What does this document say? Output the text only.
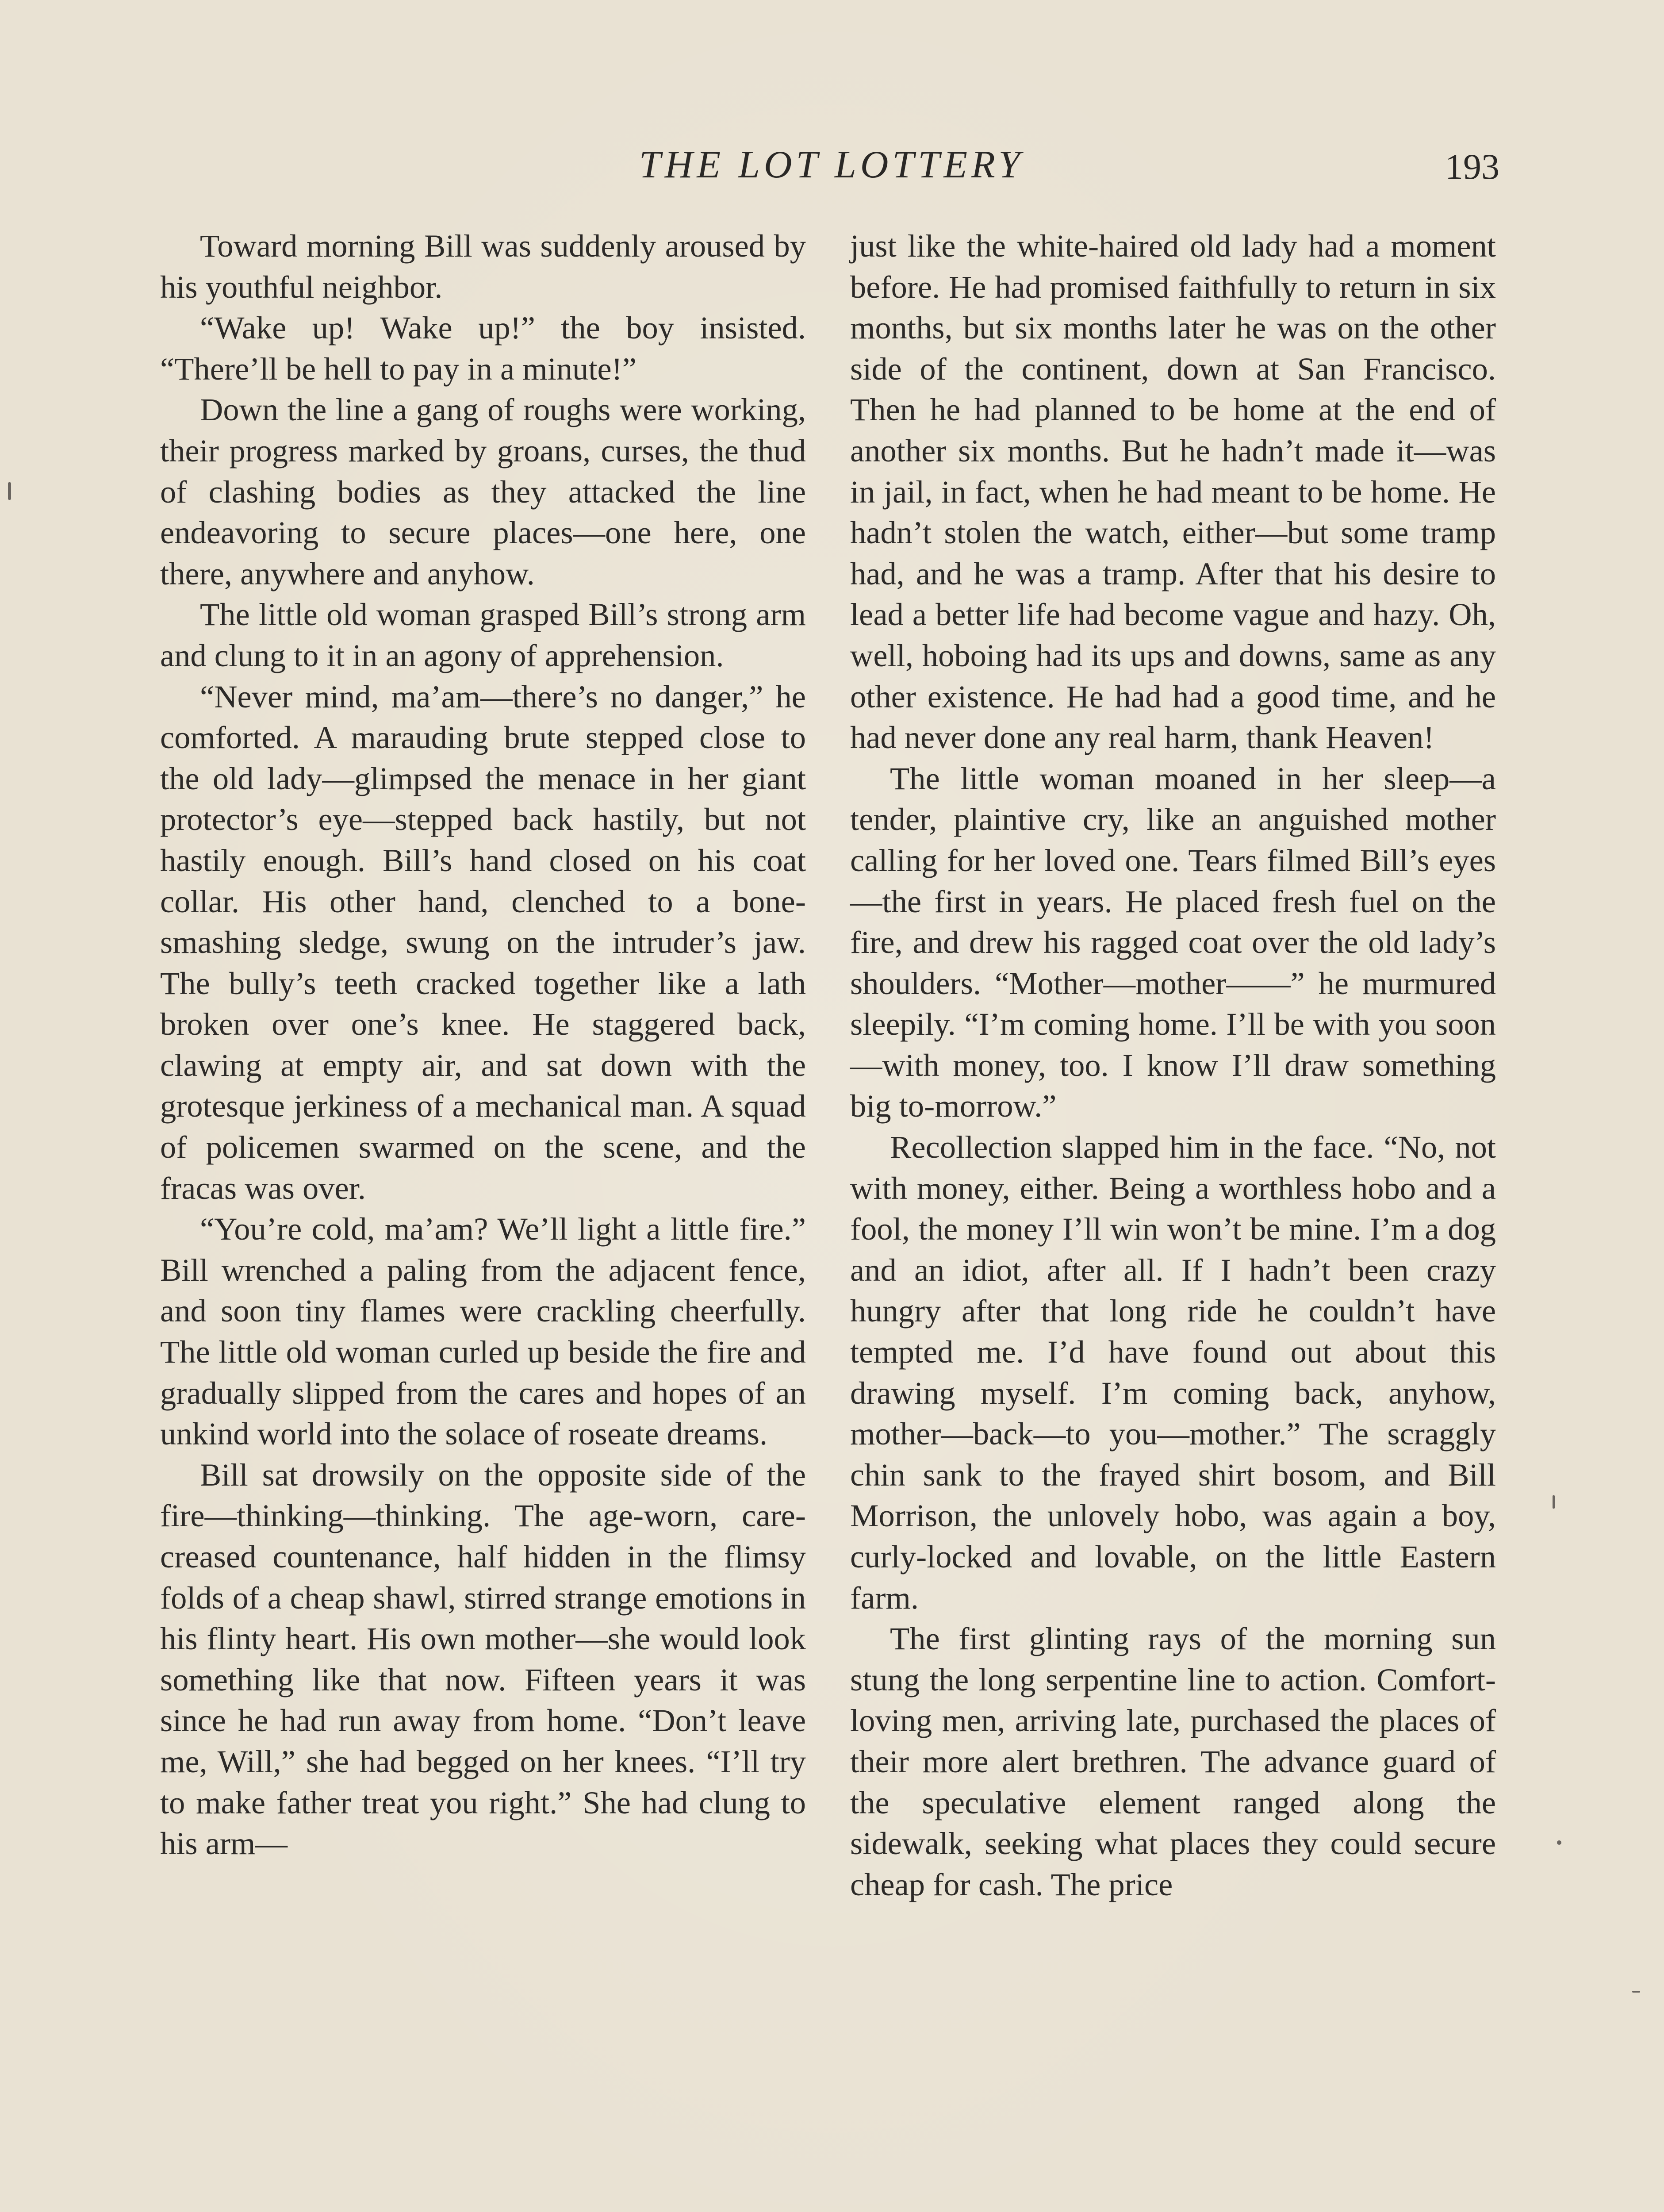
THE LOT LOTTERY	193

Toward morning Bill was suddenly aroused by his youthful neighbor.

“Wake up! Wake up!” the boy insisted. “There’ll be hell to pay in a minute!”

Down the line a gang of roughs were working, their progress marked by groans, curses, the thud of clashing bodies as they attacked the line endeavoring to secure places—one here, one there, anywhere and anyhow.

The little old woman grasped Bill’s strong arm and clung to it in an agony of apprehension.

“Never mind, ma’am—there’s no danger,” he comforted. A marauding brute stepped close to the old lady—glimpsed the menace in her giant protector’s eye—stepped back hastily, but not hastily enough. Bill’s hand closed on his coat collar. His other hand, clenched to a bone-smashing sledge, swung on the intruder’s jaw. The bully’s teeth cracked together like a lath broken over one’s knee. He staggered back, clawing at empty air, and sat down with the grotesque jerkiness of a mechanical man. A squad of policemen swarmed on the scene, and the fracas was over.

“You’re cold, ma’am? We’ll light a little fire.” Bill wrenched a paling from the adjacent fence, and soon tiny flames were crackling cheerfully. The little old woman curled up beside the fire and gradually slipped from the cares and hopes of an unkind world into the solace of roseate dreams.

Bill sat drowsily on the opposite side of the fire—thinking—thinking. The age-worn, care-creased countenance, half hidden in the flimsy folds of a cheap shawl, stirred strange emotions in his flinty heart. His own mother—she would look something like that now. Fifteen years it was since he had run away from home. “Don’t leave me, Will,” she had begged on her knees. “I’ll try to make father treat you right.” She had clung to his arm—

just like the white-haired old lady had a moment before. He had promised faithfully to return in six months, but six months later he was on the other side of the continent, down at San Francisco. Then he had planned to be home at the end of another six months. But he hadn’t made it—was in jail, in fact, when he had meant to be home. He hadn’t stolen the watch, either—but some tramp had, and he was a tramp. After that his desire to lead a better life had become vague and hazy. Oh, well, hoboing had its ups and downs, same as any other existence. He had had a good time, and he had never done any real harm, thank Heaven!

The little woman moaned in her sleep—a tender, plaintive cry, like an anguished mother calling for her loved one. Tears filmed Bill’s eyes—the first in years. He placed fresh fuel on the fire, and drew his ragged coat over the old lady’s shoulders. “Mother—mother——” he murmured sleepily. “I’m coming home. I’ll be with you soon—with money, too. I know I’ll draw something big to-morrow.”

Recollection slapped him in the face. “No, not with money, either. Being a worthless hobo and a fool, the money I’ll win won’t be mine. I’m a dog and an idiot, after all. If I hadn’t been crazy hungry after that long ride he couldn’t have tempted me. I’d have found out about this drawing myself. I’m coming back, anyhow, mother—back—to you—mother.” The scraggly chin sank to the frayed shirt bosom, and Bill Morrison, the unlovely hobo, was again a boy, curly-locked and lovable, on the little Eastern farm.

The first glinting rays of the morning sun stung the long serpentine line to action. Comfort-loving men, arriving late, purchased the places of their more alert brethren. The advance guard of the speculative element ranged along the sidewalk, seeking what places they could secure cheap for cash. The price
